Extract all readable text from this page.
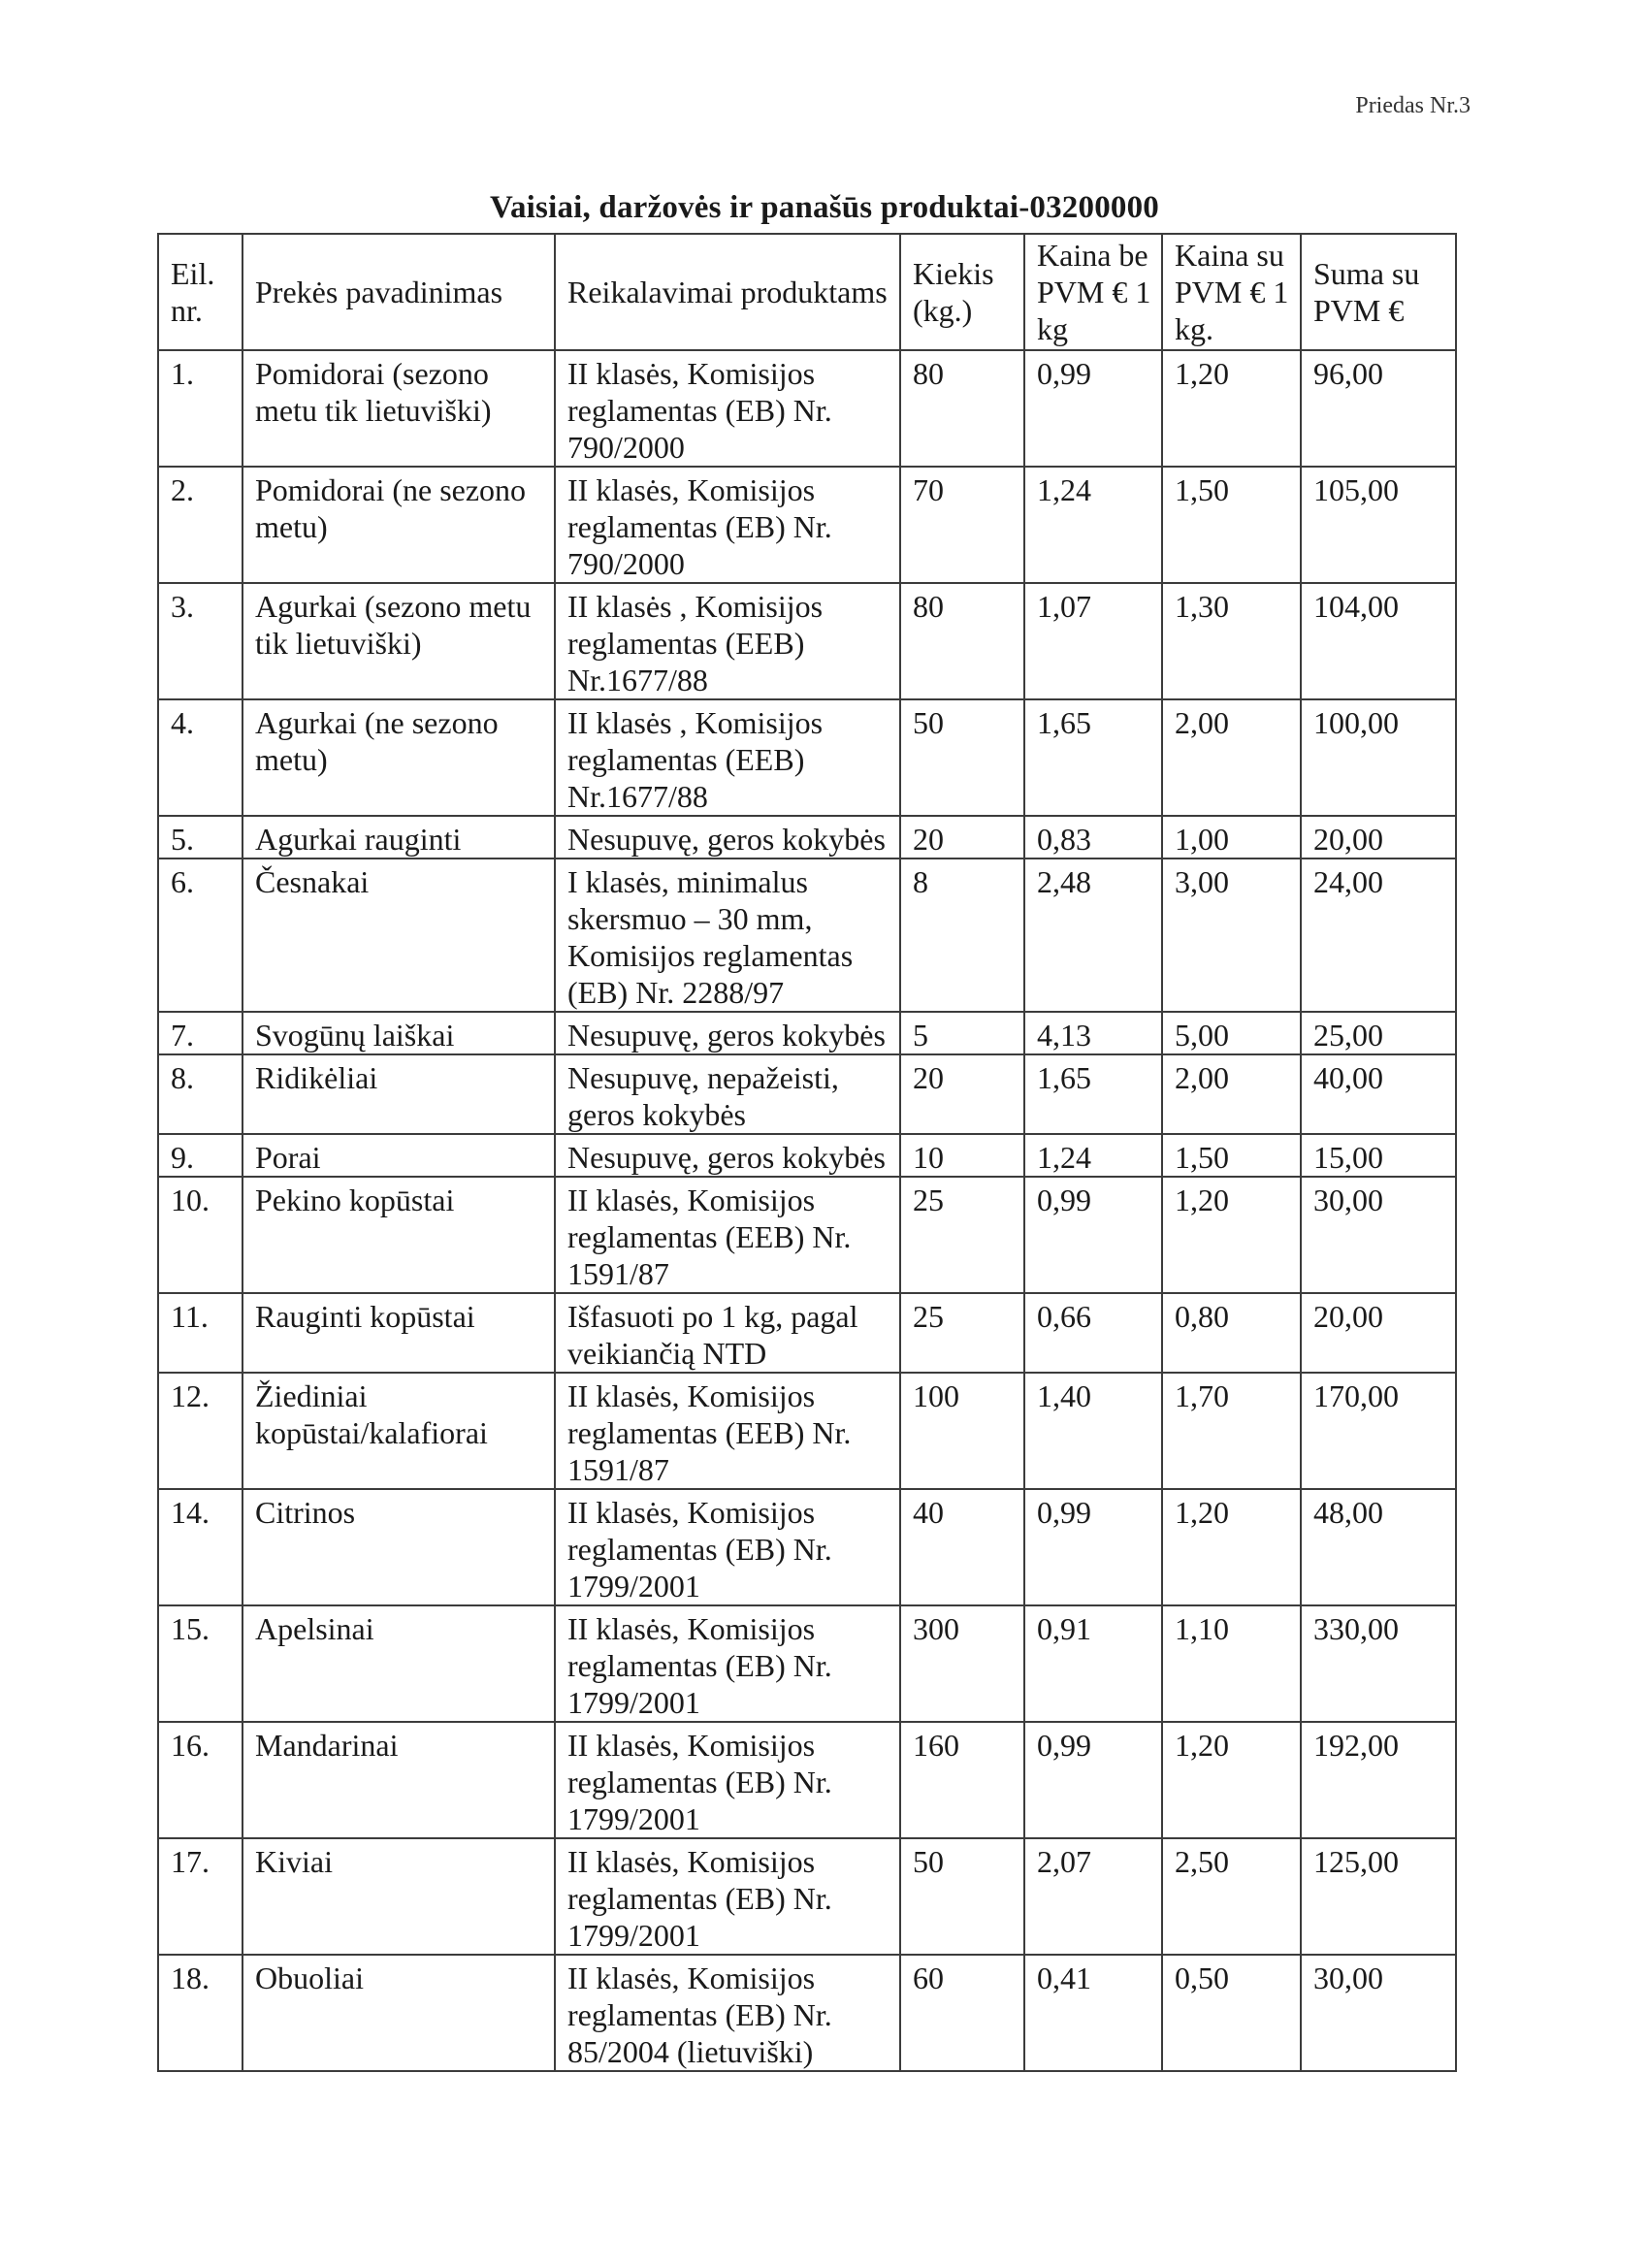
Priedas Nr.3
Vaisiai, daržovės ir panašūs produktai-03200000
Eil. nr.	Prekės pavadinimas	Reikalavimai produktams	Kiekis (kg.)	Kaina be PVM € 1 kg	Kaina su PVM € 1 kg.	Suma su PVM €
1.	Pomidorai (sezono metu tik lietuviški)	II klasės, Komisijos reglamentas (EB) Nr. 790/2000	80	0,99	1,20	96,00
2.	Pomidorai (ne sezono metu)	II klasės, Komisijos reglamentas (EB) Nr. 790/2000	70	1,24	1,50	105,00
3.	Agurkai (sezono metu tik lietuviški)	II klasės , Komisijos reglamentas (EEB) Nr.1677/88	80	1,07	1,30	104,00
4.	Agurkai (ne sezono metu)	II klasės , Komisijos reglamentas (EEB) Nr.1677/88	50	1,65	2,00	100,00
5.	Agurkai rauginti	Nesupuvę, geros kokybės	20	0,83	1,00	20,00
6.	Česnakai	I klasės, minimalus skersmuo – 30 mm, Komisijos reglamentas (EB) Nr. 2288/97	8	2,48	3,00	24,00
7.	Svogūnų laiškai	Nesupuvę, geros kokybės	5	4,13	5,00	25,00
8.	Ridikėliai	Nesupuvę, nepažeisti, geros kokybės	20	1,65	2,00	40,00
9.	Porai	Nesupuvę, geros kokybės	10	1,24	1,50	15,00
10.	Pekino kopūstai	II klasės, Komisijos reglamentas (EEB) Nr. 1591/87	25	0,99	1,20	30,00
11.	Rauginti kopūstai	Išfasuoti po 1 kg, pagal veikiančią NTD	25	0,66	0,80	20,00
12.	Žiediniai kopūstai/kalafiorai	II klasės, Komisijos reglamentas (EEB) Nr. 1591/87	100	1,40	1,70	170,00
14.	Citrinos	II klasės, Komisijos reglamentas (EB) Nr. 1799/2001	40	0,99	1,20	48,00
15.	Apelsinai	II klasės, Komisijos reglamentas (EB) Nr. 1799/2001	300	0,91	1,10	330,00
16.	Mandarinai	II klasės, Komisijos reglamentas (EB) Nr. 1799/2001	160	0,99	1,20	192,00
17.	Kiviai	II klasės, Komisijos reglamentas (EB) Nr. 1799/2001	50	2,07	2,50	125,00
18.	Obuoliai	II klasės, Komisijos reglamentas (EB) Nr. 85/2004 (lietuviški)	60	0,41	0,50	30,00
